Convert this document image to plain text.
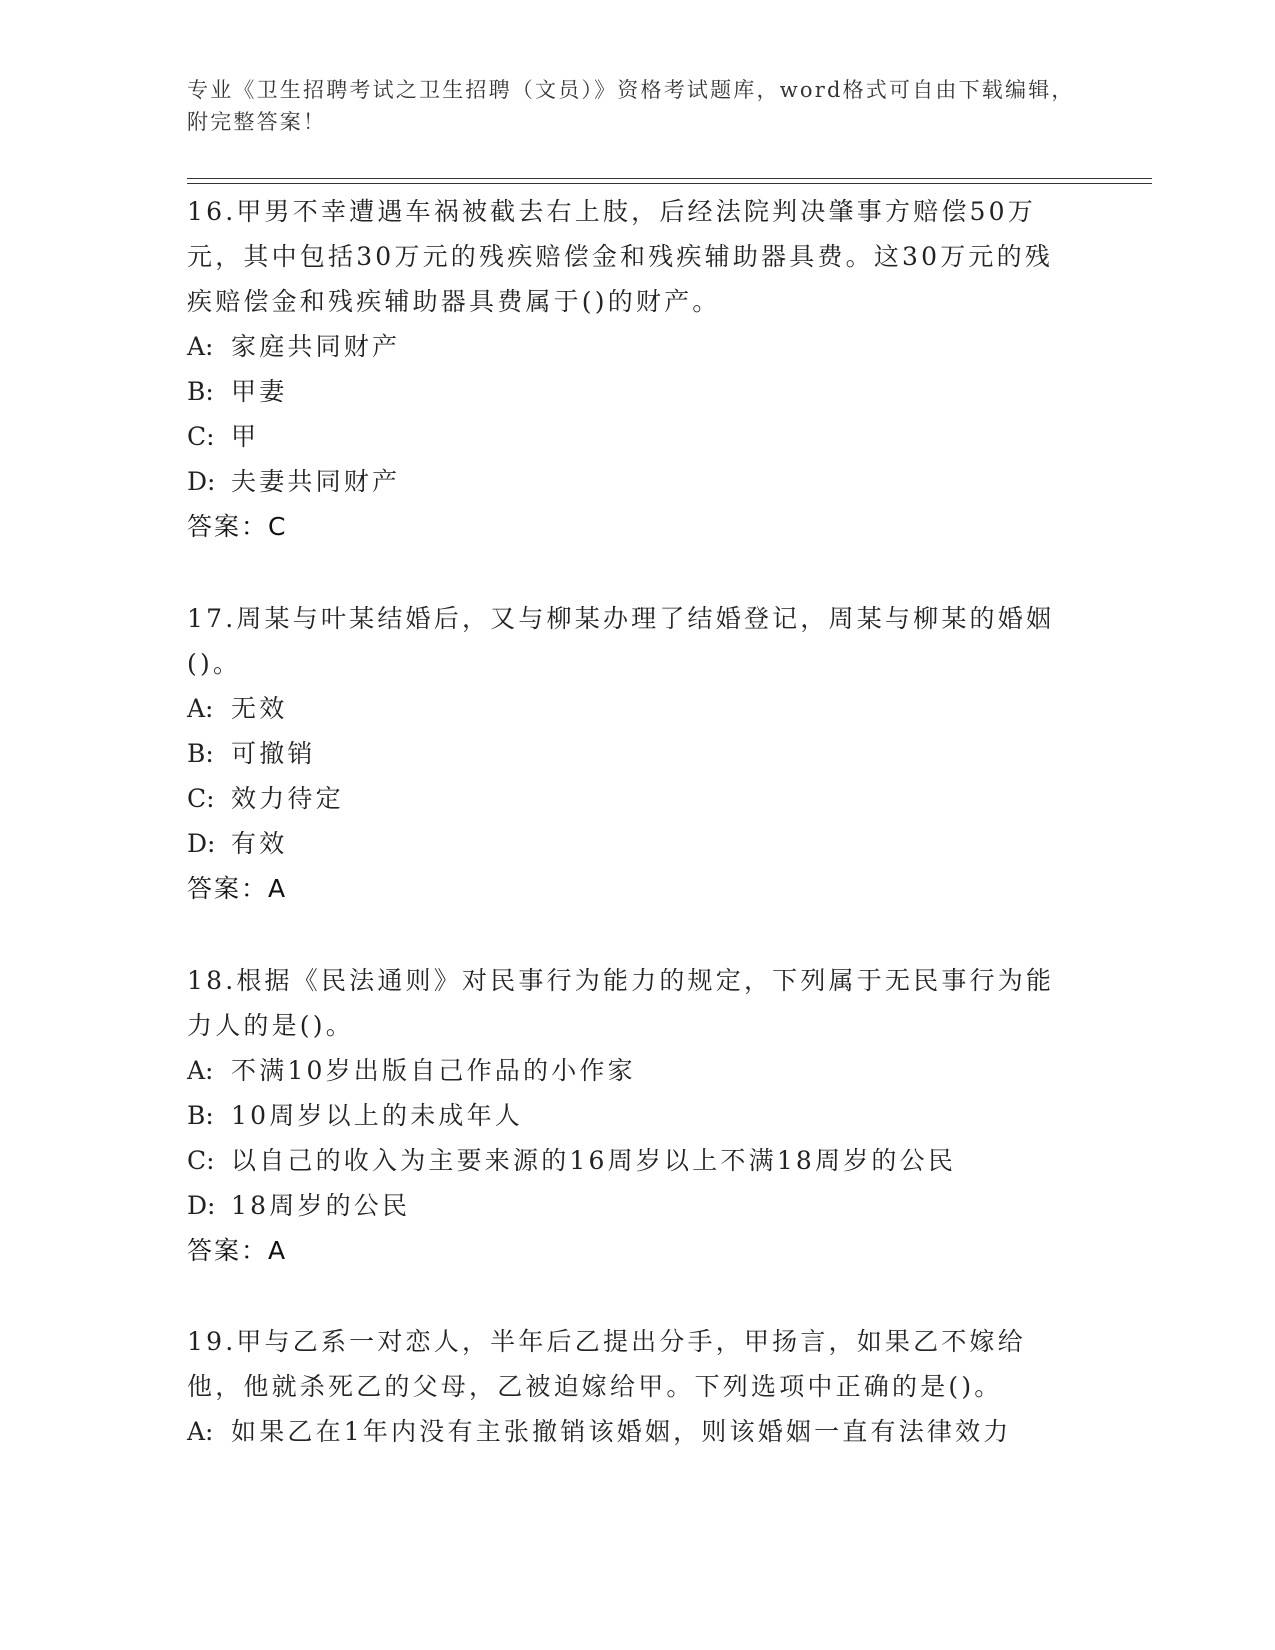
专业《卫生招聘考试之卫生招聘（文员）》资格考试题库，word格式可自由下载编辑，附完整答案！

16.甲男不幸遭遇车祸被截去右上肢，后经法院判决肇事方赔偿50万元，其中包括30万元的残疾赔偿金和残疾辅助器具费。这30万元的残疾赔偿金和残疾辅助器具费属于()的财产。

A: 家庭共同财产

B: 甲妻

C: 甲

D: 夫妻共同财产

答案：C

17.周某与叶某结婚后，又与柳某办理了结婚登记，周某与柳某的婚姻()。

A: 无效

B: 可撤销

C: 效力待定

D: 有效

答案：A

18.根据《民法通则》对民事行为能力的规定，下列属于无民事行为能力人的是()。

A: 不满10岁出版自己作品的小作家

B: 10周岁以上的未成年人

C: 以自己的收入为主要来源的16周岁以上不满18周岁的公民

D: 18周岁的公民

答案：A

19.甲与乙系一对恋人，半年后乙提出分手，甲扬言，如果乙不嫁给他，他就杀死乙的父母，乙被迫嫁给甲。下列选项中正确的是()。

A: 如果乙在1年内没有主张撤销该婚姻，则该婚姻一直有法律效力
